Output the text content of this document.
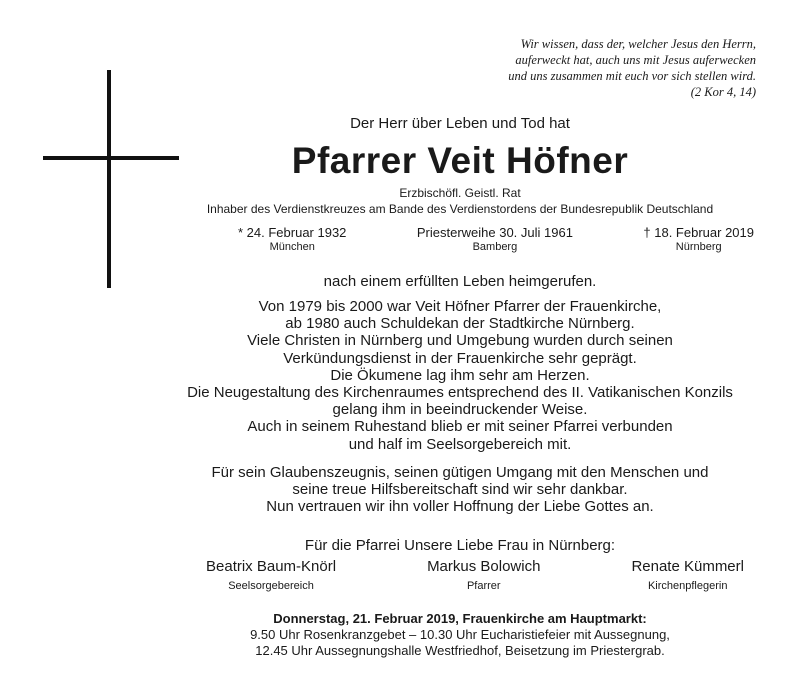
Wir wissen, dass der, welcher Jesus den Herrn,
auferweckt hat, auch uns mit Jesus auferwecken
und uns zusammen mit euch vor sich stellen wird.
(2 Kor 4, 14)
Der Herr über Leben und Tod hat
Pfarrer Veit Höfner
Erzbischöfl. Geistl. Rat
Inhaber des Verdienstkreuzes am Bande des Verdienstordens der Bundesrepublik Deutschland
* 24. Februar 1932
München
Priesterweihe 30. Juli 1961
Bamberg
† 18. Februar 2019
Nürnberg
nach einem erfüllten Leben heimgerufen.
Von 1979 bis 2000 war Veit Höfner Pfarrer der Frauenkirche,
ab 1980 auch Schuldekan der Stadtkirche Nürnberg.
Viele Christen in Nürnberg und Umgebung wurden durch seinen
Verkündungsdienst in der Frauenkirche sehr geprägt.
Die Ökumene lag ihm sehr am Herzen.
Die Neugestaltung des Kirchenraumes entsprechend des II. Vatikanischen Konzils
gelang ihm in beeindruckender Weise.
Auch in seinem Ruhestand blieb er mit seiner Pfarrei verbunden
und half im Seelsorgebereich mit.
Für sein Glaubenszeugnis, seinen gütigen Umgang mit den Menschen und
seine treue Hilfsbereitschaft sind wir sehr dankbar.
Nun vertrauen wir ihn voller Hoffnung der Liebe Gottes an.
Für die Pfarrei Unsere Liebe Frau in Nürnberg:
Beatrix Baum-Knörl
Seelsorgebereich
Markus Bolowich
Pfarrer
Renate Kümmerl
Kirchenpflegerin
Donnerstag, 21. Februar 2019, Frauenkirche am Hauptmarkt:
9.50 Uhr Rosenkranzgebet – 10.30 Uhr Eucharistiefeier mit Aussegnung,
12.45 Uhr Aussegnungshalle Westfriedhof, Beisetzung im Priestergrab.
